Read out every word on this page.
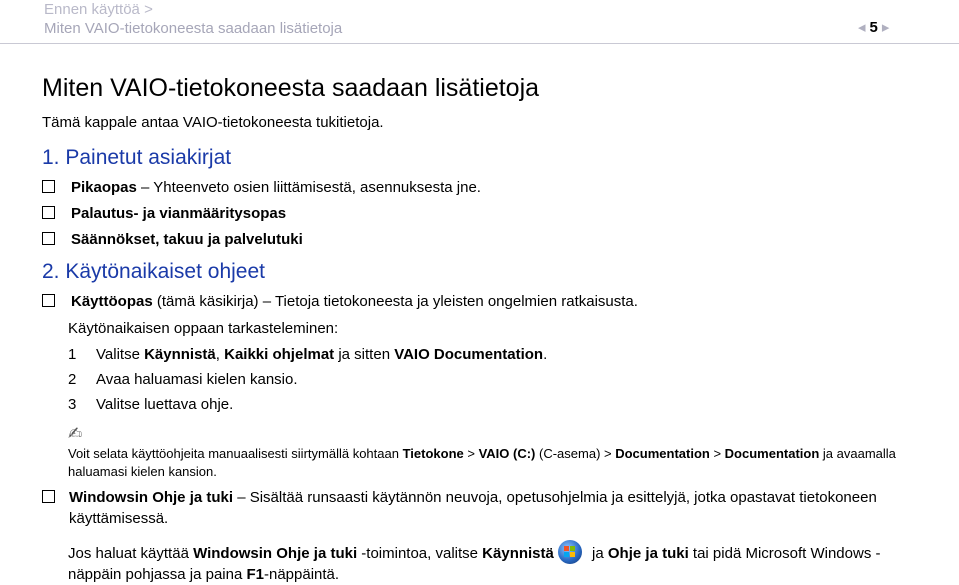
Ennen käyttöä >
Miten VAIO-tietokoneesta saadaan lisätietoja	◂ 5 ▸
Miten VAIO-tietokoneesta saadaan lisätietoja
Tämä kappale antaa VAIO-tietokoneesta tukitietoja.
1. Painetut asiakirjat
Pikaopas – Yhteenveto osien liittämisestä, asennuksesta jne.
Palautus- ja vianmääritysopas
Säännökset, takuu ja palvelutuki
2. Käytönaikaiset ohjeet
Käyttöopas (tämä käsikirja) – Tietoja tietokoneesta ja yleisten ongelmien ratkaisusta.
Käytönaikaisen oppaan tarkasteleminen:
1 Valitse Käynnistä, Kaikki ohjelmat ja sitten VAIO Documentation.
2 Avaa haluamasi kielen kansio.
3 Valitse luettava ohje.
✍
Voit selata käyttöohjeita manuaalisesti siirtymällä kohtaan Tietokone > VAIO (C:) (C-asema) > Documentation > Documentation ja avaamalla haluamasi kielen kansion.
Windowsin Ohje ja tuki – Sisältää runsaasti käytännön neuvoja, opetusohjelmia ja esittelyjä, jotka opastavat tietokoneen käyttämisessä.
Jos haluat käyttää Windowsin Ohje ja tuki -toimintoa, valitse Käynnistä
ja Ohje ja tuki tai pidä Microsoft Windows -näppäin pohjassa ja paina F1-näppäintä.
